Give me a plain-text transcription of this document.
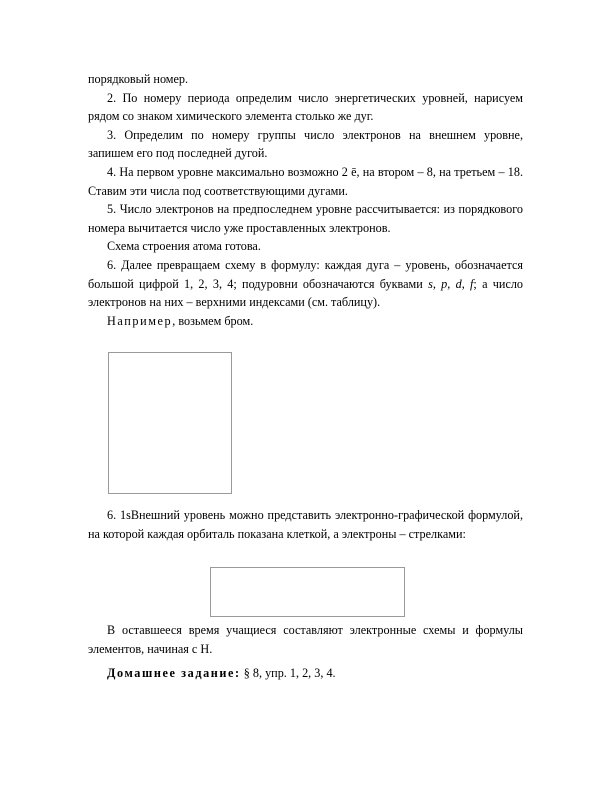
порядковый номер.

2. По номеру периода определим число энергетических уровней, нарисуем рядом со знаком химического элемента столько же дуг.

3. Определим по номеру группы число электронов на внешнем уровне, запишем его под последней дугой.

4. На первом уровне максимально возможно 2 ē, на втором – 8, на третьем – 18. Ставим эти числа под соответствующими дугами.

5. Число электронов на предпоследнем уровне рассчитывается: из порядкового номера вычитается число уже проставленных электронов.

Схема строения атома готова.

6. Далее превращаем схему в формулу: каждая дуга – уровень, обозначается большой цифрой 1, 2, 3, 4; подуровни обозначаются буквами s, p, d, f; а число электронов на них – верхними индексами (см. таблицу).

Например, возьмем бром.

6. 1sВнешний уровень можно представить электронно-графической формулой, на которой каждая орбиталь показана клеткой, а электроны – стрелками:

В оставшееся время учащиеся составляют электронные схемы и формулы элементов, начиная с Н.

Домашнее задание: § 8, упр. 1, 2, 3, 4.
